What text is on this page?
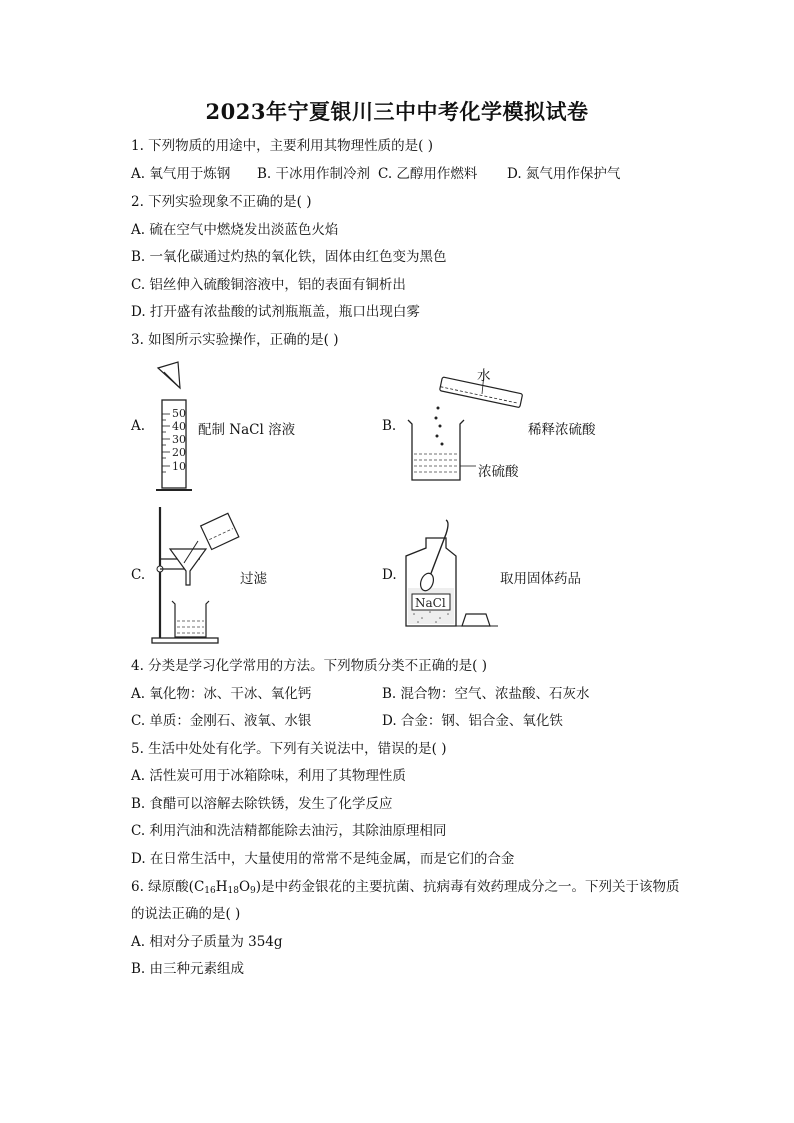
2023年宁夏银川三中中考化学模拟试卷
1. 下列物质的用途中，主要利用其物理性质的是( )
A. 氧气用于炼钢 B. 干冰用作制冷剂 C. 乙醇用作燃料 D. 氮气用作保护气
2. 下列实验现象不正确的是( )
A. 硫在空气中燃烧发出淡蓝色火焰
B. 一氧化碳通过灼热的氧化铁，固体由红色变为黑色
C. 铝丝伸入硫酸铜溶液中，铝的表面有铜析出
D. 打开盛有浓盐酸的试剂瓶瓶盖，瓶口出现白雾
3. 如图所示实验操作，正确的是( )
A.
50
40
30
20
10
配制 NaCl 溶液	B.
水
稀释浓硫酸
浓硫酸
C.	过滤	D.
NaCl
取用固体药品
4. 分类是学习化学常用的方法。下列物质分类不正确的是( )
A. 氧化物：冰、干冰、氧化钙	B. 混合物：空气、浓盐酸、石灰水
C. 单质：金刚石、液氧、水银	D. 合金：钢、铝合金、氧化铁
5. 生活中处处有化学。下列有关说法中，错误的是( )
A. 活性炭可用于冰箱除味，利用了其物理性质
B. 食醋可以溶解去除铁锈，发生了化学反应
C. 利用汽油和洗洁精都能除去油污，其除油原理相同
D. 在日常生活中，大量使用的常常不是纯金属，而是它们的合金
6. 绿原酸$(C_{16}H_{18}O_9)$是中药金银花的主要抗菌、抗病毒有效药理成分之一。下列关于该物质
的说法正确的是( )
A. 相对分子质量为 354g
B. 由三种元素组成
